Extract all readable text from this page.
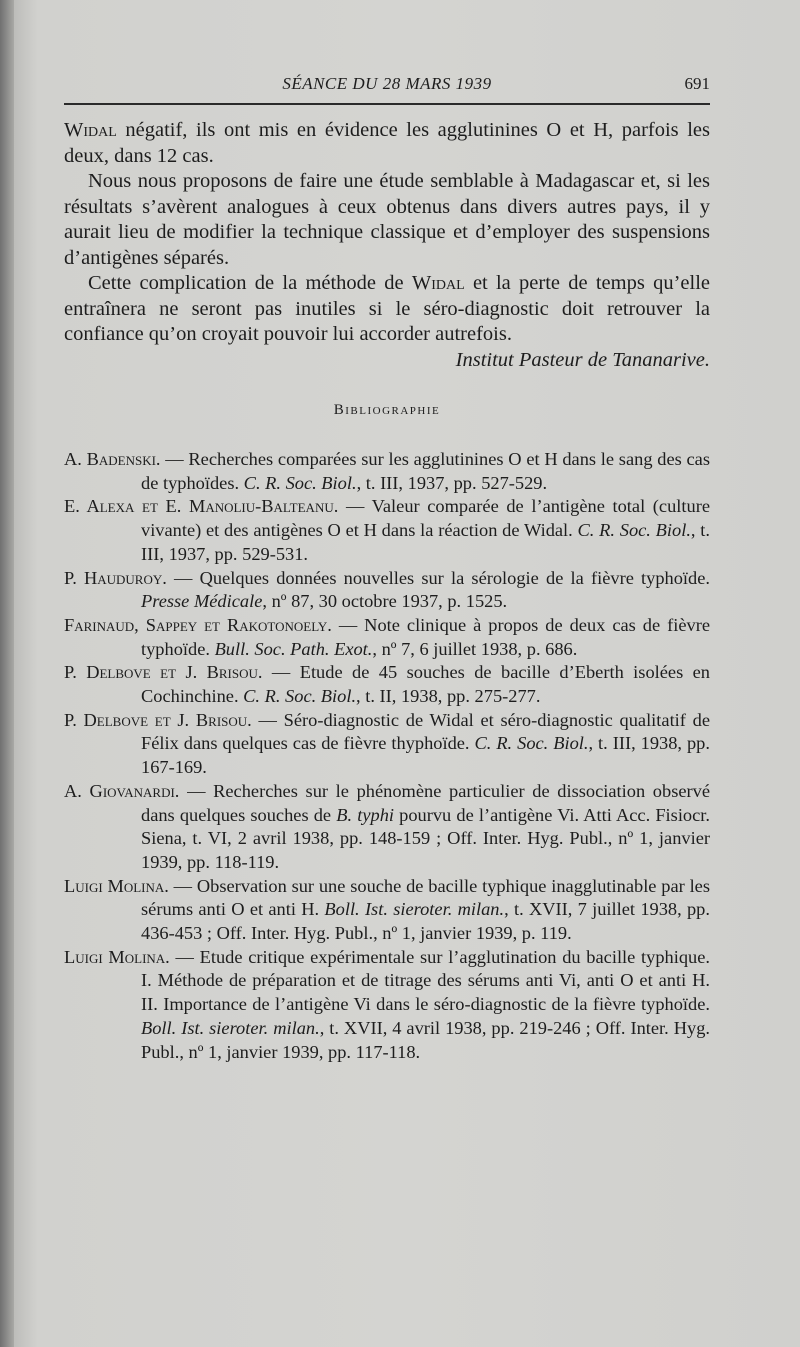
SÉANCE DU 28 MARS 1939	691

Widal négatif, ils ont mis en évidence les agglutinines O et H, parfois les deux, dans 12 cas.

Nous nous proposons de faire une étude semblable à Madagascar et, si les résultats s’avèrent analogues à ceux obtenus dans divers autres pays, il y aurait lieu de modifier la technique classique et d’employer des suspensions d’antigènes séparés.

Cette complication de la méthode de Widal et la perte de temps qu’elle entraînera ne seront pas inutiles si le séro-diagnostic doit retrouver la confiance qu’on croyait pouvoir lui accorder autrefois.

Institut Pasteur de Tananarive.

Bibliographie

A. Badenski. — Recherches comparées sur les agglutinines O et H dans le sang des cas de typhoïdes. C. R. Soc. Biol., t. III, 1937, pp. 527-529.

E. Alexa et E. Manoliu-Balteanu. — Valeur comparée de l’antigène total (culture vivante) et des antigènes O et H dans la réaction de Widal. C. R. Soc. Biol., t. III, 1937, pp. 529-531.

P. Hauduroy. — Quelques données nouvelles sur la sérologie de la fièvre typhoïde. Presse Médicale, nº 87, 30 octobre 1937, p. 1525.

Farinaud, Sappey et Rakotonoely. — Note clinique à propos de deux cas de fièvre typhoïde. Bull. Soc. Path. Exot., nº 7, 6 juillet 1938, p. 686.

P. Delbove et J. Brisou. — Etude de 45 souches de bacille d’Eberth isolées en Cochinchine. C. R. Soc. Biol., t. II, 1938, pp. 275-277.

P. Delbove et J. Brisou. — Séro-diagnostic de Widal et séro-diagnostic qualitatif de Félix dans quelques cas de fièvre thyphoïde. C. R. Soc. Biol., t. III, 1938, pp. 167-169.

A. Giovanardi. — Recherches sur le phénomène particulier de dissociation observé dans quelques souches de B. typhi pourvu de l’antigène Vi. Atti Acc. Fisiocr. Siena, t. VI, 2 avril 1938, pp. 148-159 ; Off. Inter. Hyg. Publ., nº 1, janvier 1939, pp. 118-119.

Luigi Molina. — Observation sur une souche de bacille typhique inagglutinable par les sérums anti O et anti H. Boll. Ist. sieroter. milan., t. XVII, 7 juillet 1938, pp. 436-453 ; Off. Inter. Hyg. Publ., nº 1, janvier 1939, p. 119.

Luigi Molina. — Etude critique expérimentale sur l’agglutination du bacille typhique. I. Méthode de préparation et de titrage des sérums anti Vi, anti O et anti H. II. Importance de l’antigène Vi dans le séro-diagnostic de la fièvre typhoïde. Boll. Ist. sieroter. milan., t. XVII, 4 avril 1938, pp. 219-246 ; Off. Inter. Hyg. Publ., nº 1, janvier 1939, pp. 117-118.
